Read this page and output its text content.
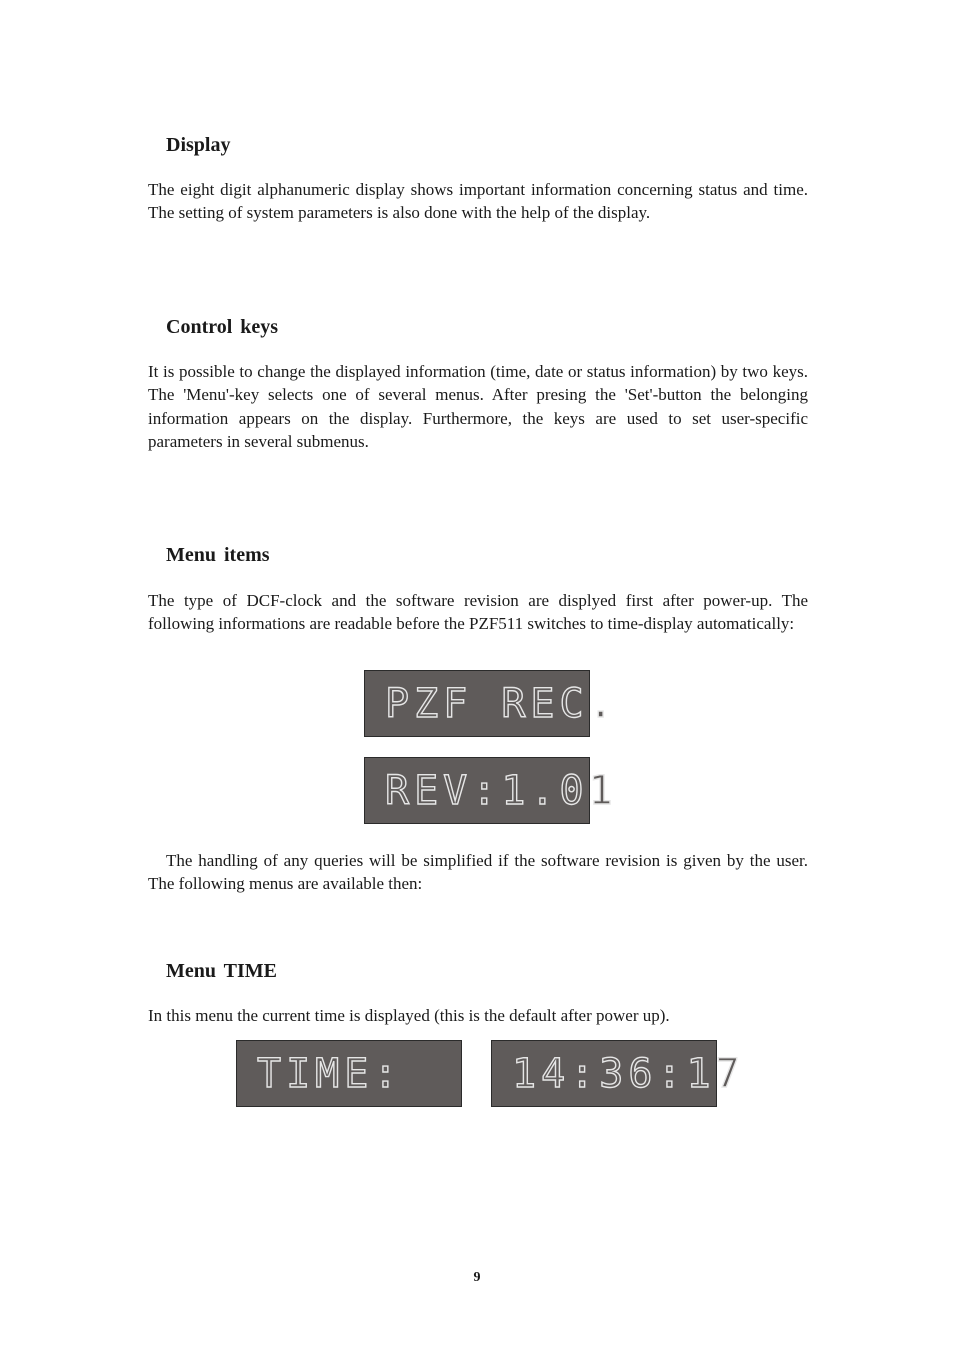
Display

The eight digit alphanumeric display shows important information concerning status and time. The setting of system parameters is also done with the help of the display.

Control keys

It is possible to change the displayed information (time, date or status information) by two keys. The 'Menu'-key selects one of several menus. After presing the 'Set'-button the belonging information appears on the display. Furthermore, the keys are used to set user-specific parameters in several submenus.

Menu items

The type of DCF-clock and the software revision are displyed first after power-up. The following informations are readable before the PZF511 switches to time-display automatically:

PZF REC.
REV:1.01

The handling of any queries will be simplified if the software revision is given by the user. The following menus are available then:

Menu TIME

In this menu the current time is displayed (this is the default after power up).

TIME:	14:36:17

9
